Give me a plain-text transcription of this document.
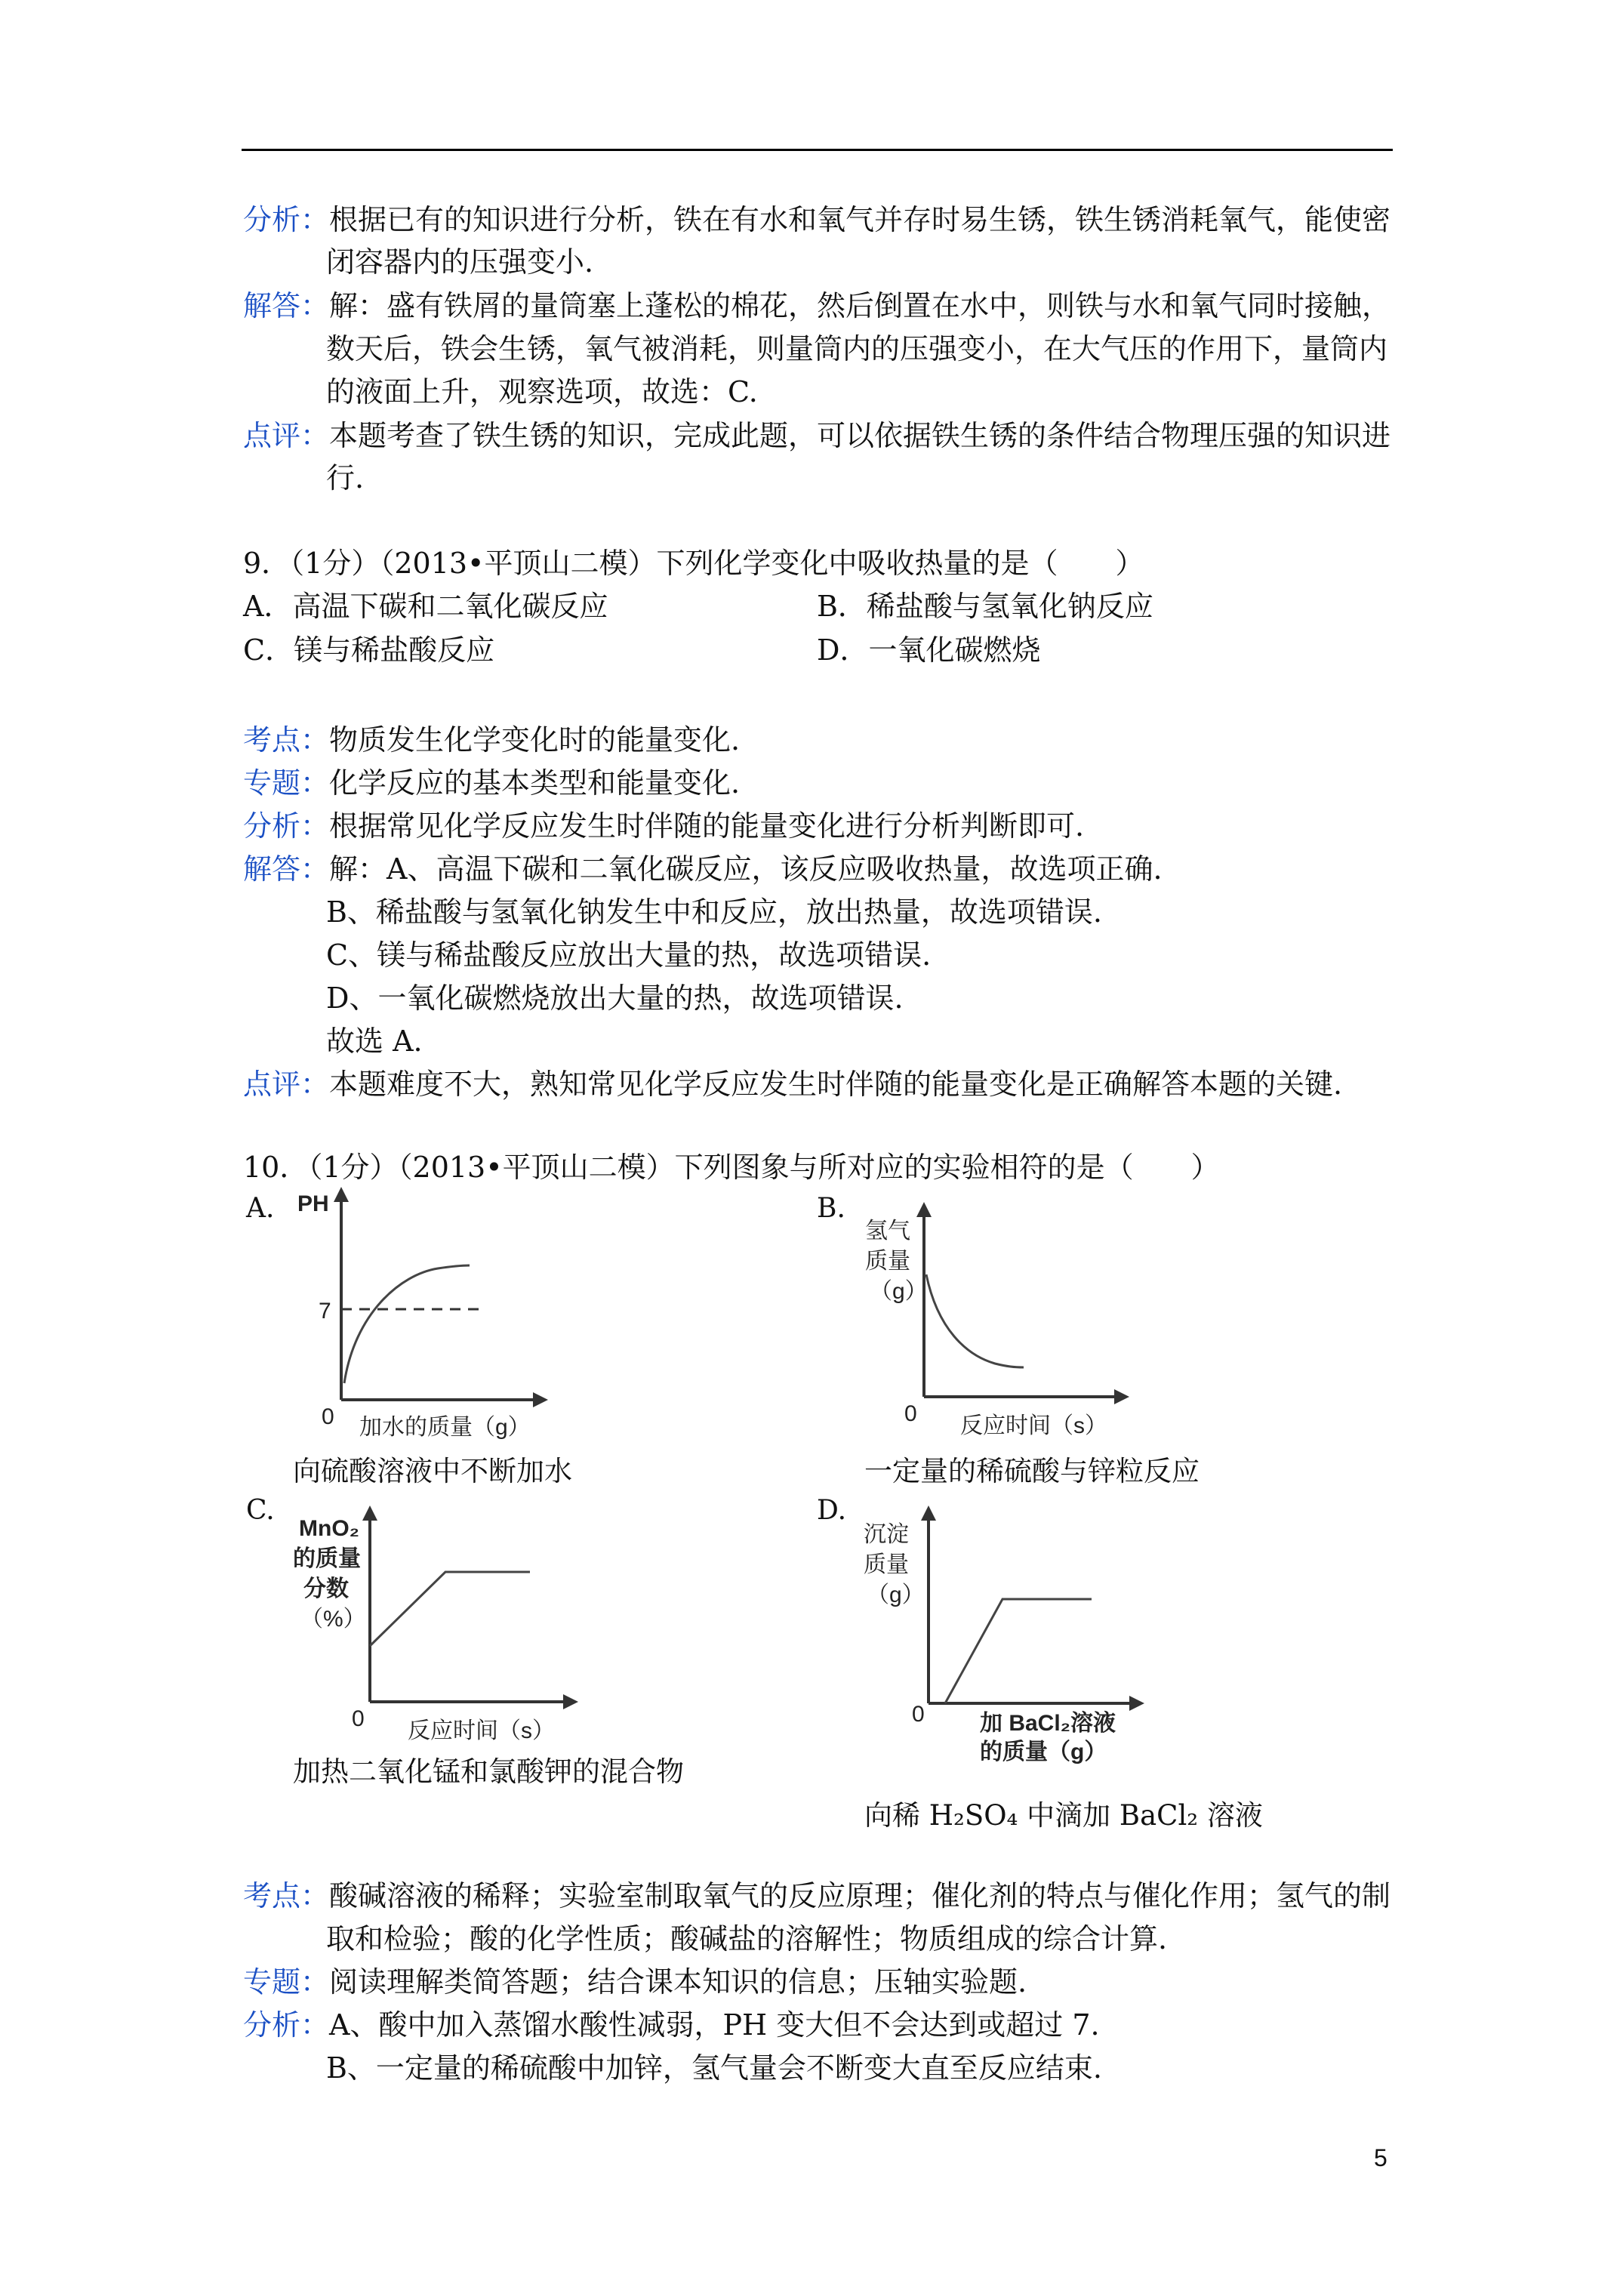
分析：根据已有的知识进行分析，铁在有水和氧气并存时易生锈，铁生锈消耗氧气，能使密
闭容器内的压强变小.
解答：解：盛有铁屑的量筒塞上蓬松的棉花，然后倒置在水中，则铁与水和氧气同时接触，
数天后，铁会生锈，氧气被消耗，则量筒内的压强变小，在大气压的作用下，量筒内
的液面上升，观察选项，故选：C.
点评：本题考查了铁生锈的知识，完成此题，可以依据铁生锈的条件结合物理压强的知识进
行.
9．（1分）（2013•平顶山二模）下列化学变化中吸收热量的是（　　）
A．高温下碳和二氧化碳反应	B．稀盐酸与氢氧化钠反应
C．镁与稀盐酸反应	D．一氧化碳燃烧
考点：物质发生化学变化时的能量变化.
专题：化学反应的基本类型和能量变化.
分析：根据常见化学反应发生时伴随的能量变化进行分析判断即可.
解答：解：A、高温下碳和二氧化碳反应，该反应吸收热量，故选项正确.
B、稀盐酸与氢氧化钠发生中和反应，放出热量，故选项错误.
C、镁与稀盐酸反应放出大量的热，故选项错误.
D、一氧化碳燃烧放出大量的热，故选项错误.
故选 A.
点评：本题难度不大，熟知常见化学反应发生时伴随的能量变化是正确解答本题的关键.
10．（1分）（2013•平顶山二模）下列图象与所对应的实验相符的是（　　）
A. PH
7
0 加水的质量（g）
向硫酸溶液中不断加水
B.
氢气
质量
（g）
0 反应时间（s）
一定量的稀硫酸与锌粒反应
C.
MnO₂
的质量
分数
（%）
0 反应时间（s）
加热二氧化锰和氯酸钾的混合物
D.
沉淀
质量
（g）
0 加 BaCl₂溶液
的质量（g）
向稀 H₂SO₄ 中滴加 BaCl₂ 溶液
考点：酸碱溶液的稀释；实验室制取氧气的反应原理；催化剂的特点与催化作用；氢气的制
取和检验；酸的化学性质；酸碱盐的溶解性；物质组成的综合计算.
专题：阅读理解类简答题；结合课本知识的信息；压轴实验题.
分析：A、酸中加入蒸馏水酸性减弱，PH 变大但不会达到或超过 7.
B、一定量的稀硫酸中加锌，氢气量会不断变大直至反应结束.
5
